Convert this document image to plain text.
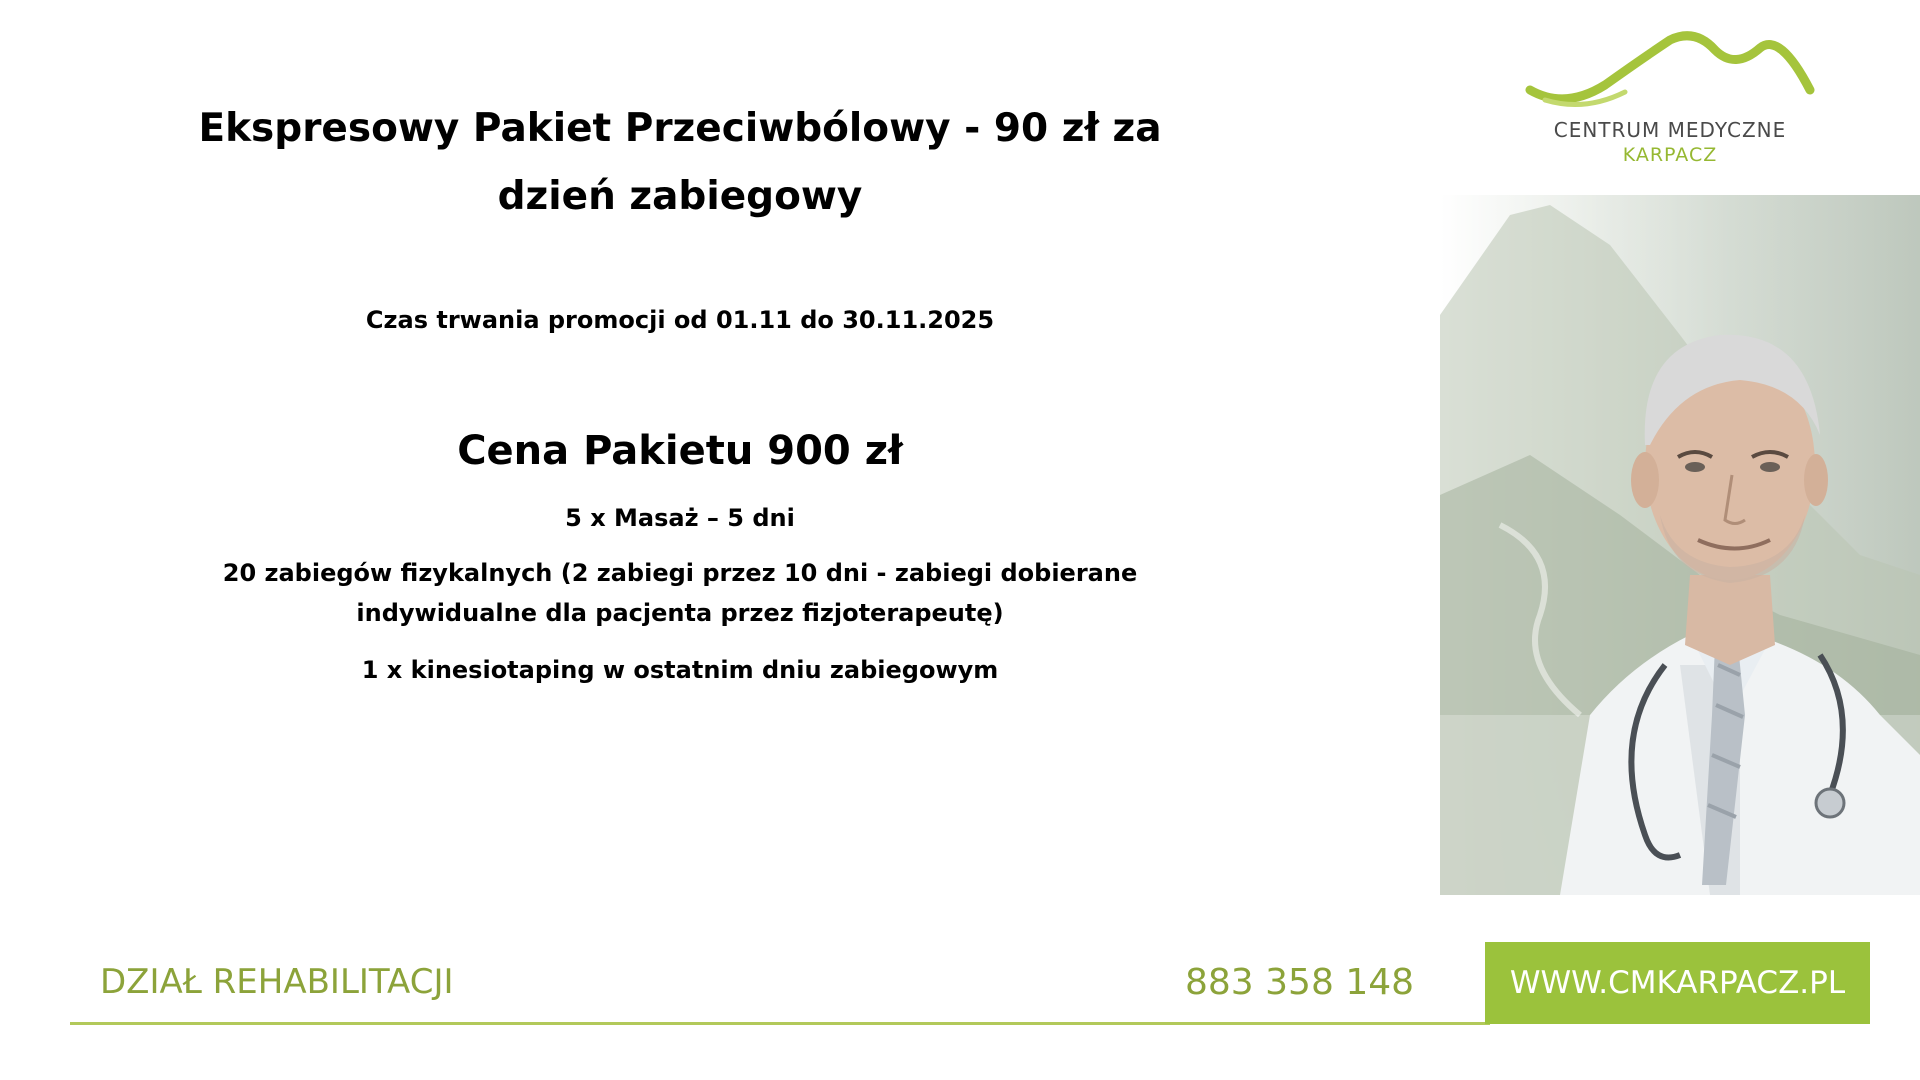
Ekspresowy Pakiet Przeciwbólowy - 90 zł za dzień zabiegowy
Czas trwania promocji od 01.11 do 30.11.2025
Cena Pakietu 900 zł
5 x Masaż – 5 dni
20 zabiegów fizykalnych (2 zabiegi przez 10 dni - zabiegi dobierane indywidualne dla pacjenta przez fizjoterapeutę)
1 x kinesiotaping w ostatnim dniu zabiegowym
CENTRUM MEDYCZNE
KARPACZ
DZIAŁ REHABILITACJI	883 358 148	WWW.CMKARPACZ.PL
